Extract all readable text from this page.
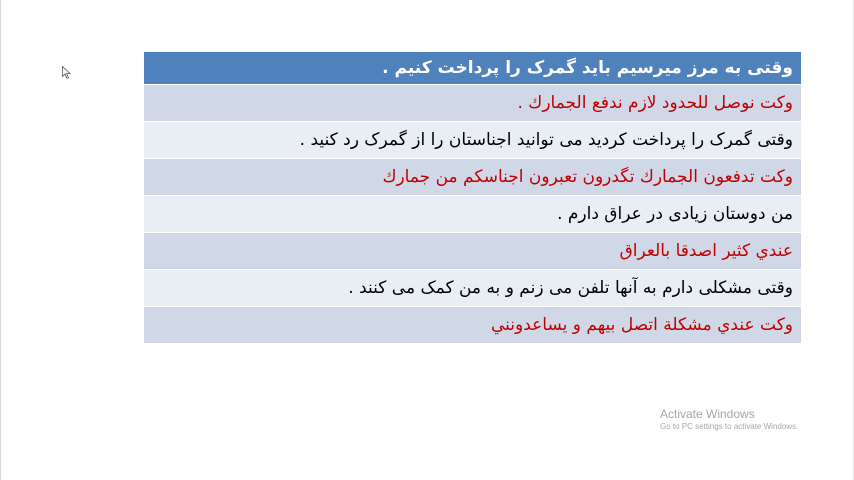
وقتی به مرز میرسیم باید گمرک را پرداخت کنیم .
وكت نوصل للحدود لازم ندفع الجمارك .
وقتی گمرک را پرداخت کردید می توانید اجناستان را از گمرک رد کنید .
وكت تدفعون الجمارك تگدرون تعبرون اجناسكم من جمارك
من دوستان زیادی در عراق دارم .
عندي كثير اصدقا بالعراق
وقتی مشکلی دارم به آنها تلفن می زنم و به من کمک می کنند .
وكت عندي مشكلة اتصل بيهم و يساعدونني
Activate Windows
Go to PC settings to activate Windows.
